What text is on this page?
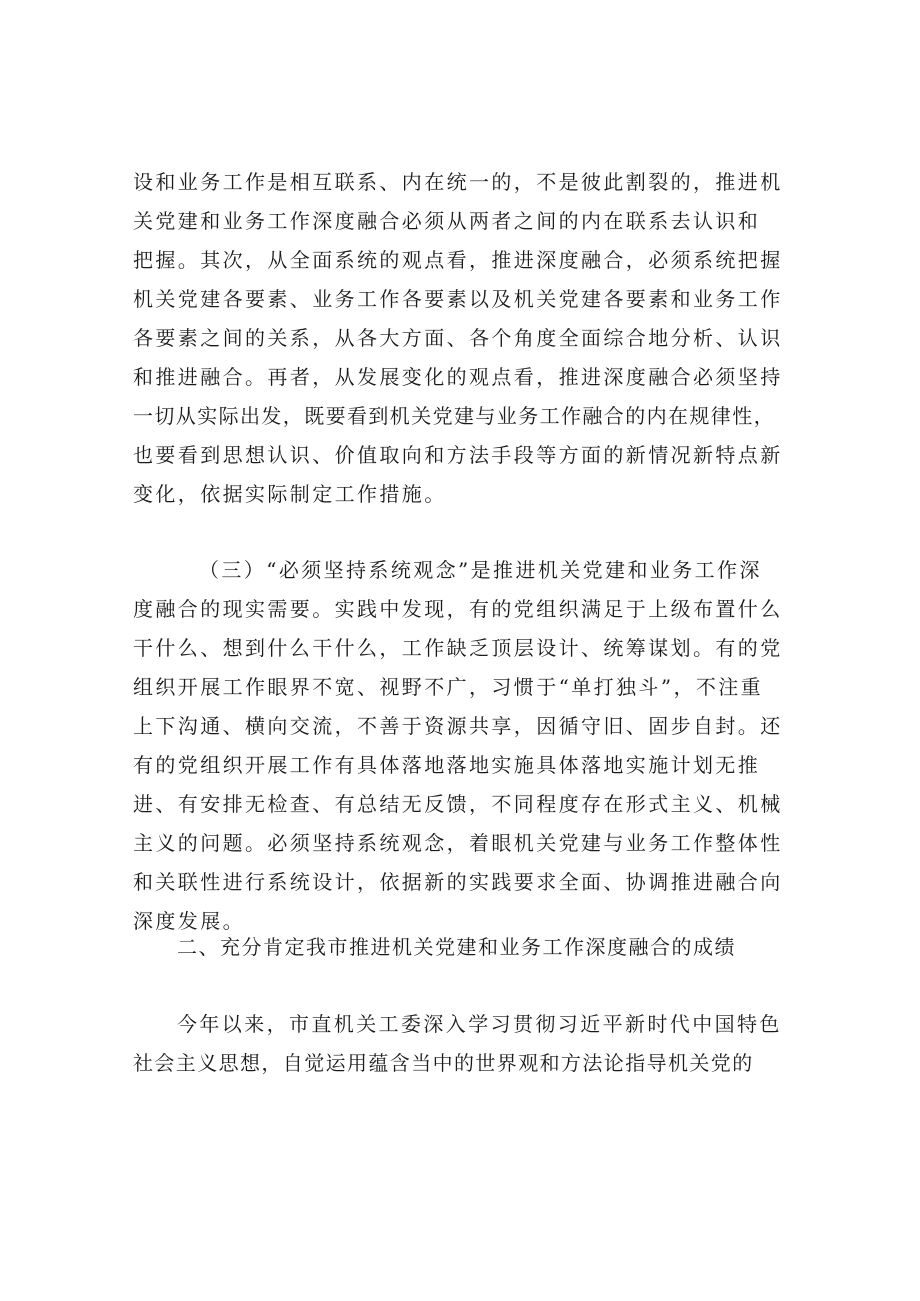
设和业务工作是相互联系、内在统一的，不是彼此割裂的，推进机
关党建和业务工作深度融合必须从两者之间的内在联系去认识和
把握。其次，从全面系统的观点看，推进深度融合，必须系统把握
机关党建各要素、业务工作各要素以及机关党建各要素和业务工作
各要素之间的关系，从各大方面、各个角度全面综合地分析、认识
和推进融合。再者，从发展变化的观点看，推进深度融合必须坚持
一切从实际出发，既要看到机关党建与业务工作融合的内在规律性，
也要看到思想认识、价值取向和方法手段等方面的新情况新特点新
变化，依据实际制定工作措施。
（三）“必须坚持系统观念”是推进机关党建和业务工作深
度融合的现实需要。实践中发现，有的党组织满足于上级布置什么
干什么、想到什么干什么，工作缺乏顶层设计、统筹谋划。有的党
组织开展工作眼界不宽、视野不广，习惯于“单打独斗”，不注重
上下沟通、横向交流，不善于资源共享，因循守旧、固步自封。还
有的党组织开展工作有具体落地落地实施具体落地实施计划无推
进、有安排无检查、有总结无反馈，不同程度存在形式主义、机械
主义的问题。必须坚持系统观念，着眼机关党建与业务工作整体性
和关联性进行系统设计，依据新的实践要求全面、协调推进融合向
深度发展。
二、充分肯定我市推进机关党建和业务工作深度融合的成绩
今年以来，市直机关工委深入学习贯彻习近平新时代中国特色
社会主义思想，自觉运用蕴含当中的世界观和方法论指导机关党的
